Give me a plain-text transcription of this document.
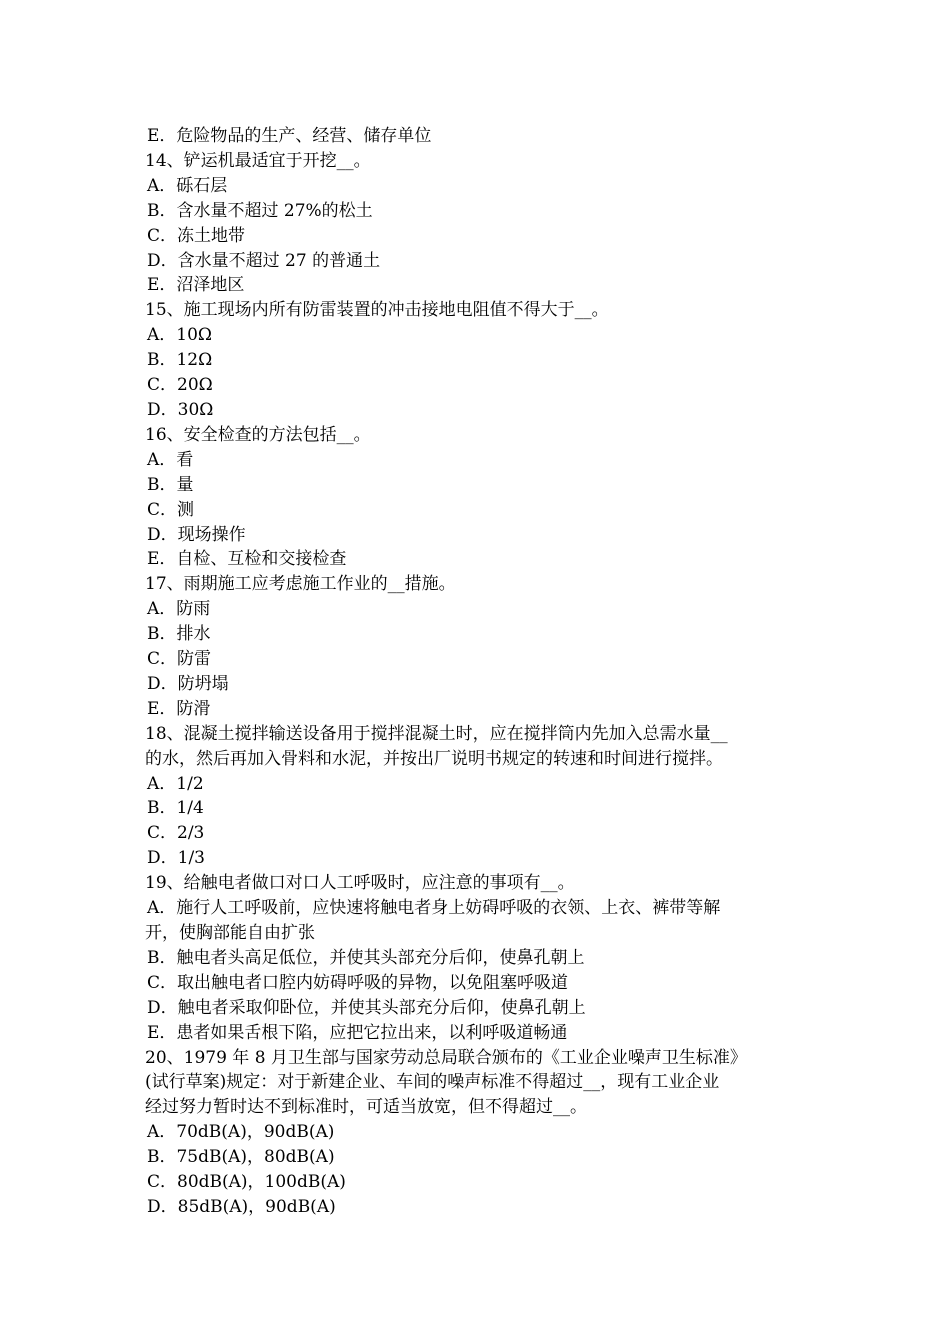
E．危险物品的生产、经营、储存单位
14、铲运机最适宜于开挖__。
A．砾石层
B．含水量不超过 27%的松土
C．冻土地带
D．含水量不超过 27 的普通土
E．沼泽地区
15、施工现场内所有防雷装置的冲击接地电阻值不得大于__。
A．10Ω
B．12Ω
C．20Ω
D．30Ω
16、安全检查的方法包括__。
A．看
B．量
C．测
D．现场操作
E．自检、互检和交接检查
17、雨期施工应考虑施工作业的__措施。
A．防雨
B．排水
C．防雷
D．防坍塌
E．防滑
18、混凝土搅拌输送设备用于搅拌混凝土时，应在搅拌筒内先加入总需水量__
的水，然后再加入骨料和水泥，并按出厂说明书规定的转速和时间进行搅拌。
A．1/2
B．1/4
C．2/3
D．1/3
19、给触电者做口对口人工呼吸时，应注意的事项有__。
A．施行人工呼吸前，应快速将触电者身上妨碍呼吸的衣领、上衣、裤带等解
开，使胸部能自由扩张
B．触电者头高足低位，并使其头部充分后仰，使鼻孔朝上
C．取出触电者口腔内妨碍呼吸的异物，以免阻塞呼吸道
D．触电者采取仰卧位，并使其头部充分后仰，使鼻孔朝上
E．患者如果舌根下陷，应把它拉出来，以利呼吸道畅通
20、1979 年 8 月卫生部与国家劳动总局联合颁布的《工业企业噪声卫生标准》
(试行草案)规定：对于新建企业、车间的噪声标准不得超过__，现有工业企业
经过努力暂时达不到标准时，可适当放宽，但不得超过__。
A．70dB(A)，90dB(A)
B．75dB(A)，80dB(A)
C．80dB(A)，100dB(A)
D．85dB(A)，90dB(A)
